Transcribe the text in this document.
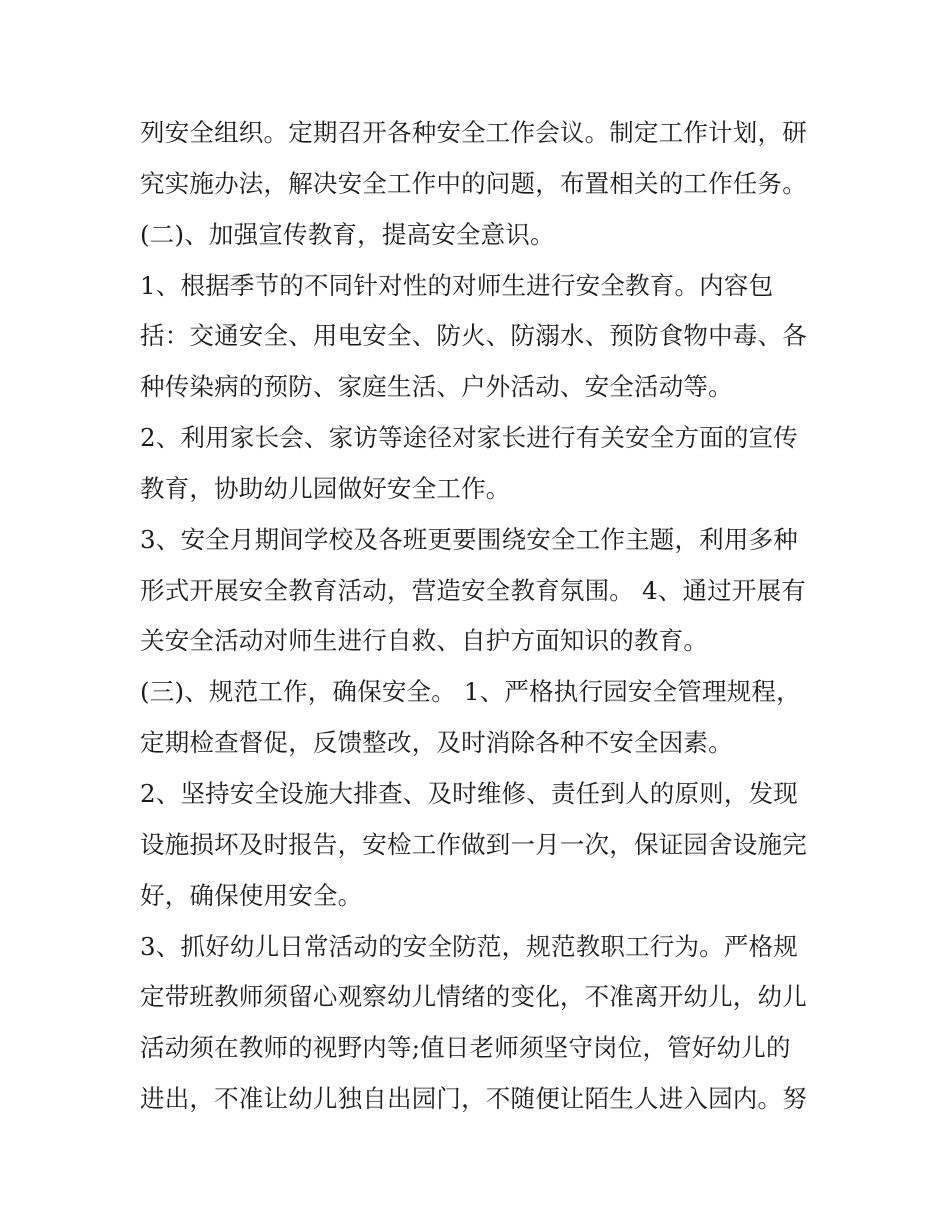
列安全组织。定期召开各种安全工作会议。制定工作计划，研
究实施办法，解决安全工作中的问题，布置相关的工作任务。
(二)、加强宣传教育，提高安全意识。
1、根据季节的不同针对性的对师生进行安全教育。内容包
括：交通安全、用电安全、防火、防溺水、预防食物中毒、各
种传染病的预防、家庭生活、户外活动、安全活动等。
2、利用家长会、家访等途径对家长进行有关安全方面的宣传
教育，协助幼儿园做好安全工作。
3、安全月期间学校及各班更要围绕安全工作主题，利用多种
形式开展安全教育活动，营造安全教育氛围。 4、通过开展有
关安全活动对师生进行自救、自护方面知识的教育。
(三)、规范工作，确保安全。 1、严格执行园安全管理规程，
定期检查督促，反馈整改，及时消除各种不安全因素。
2、坚持安全设施大排查、及时维修、责任到人的原则，发现
设施损坏及时报告，安检工作做到一月一次，保证园舍设施完
好，确保使用安全。
3、抓好幼儿日常活动的安全防范，规范教职工行为。严格规
定带班教师须留心观察幼儿情绪的变化，不准离开幼儿，幼儿
活动须在教师的视野内等;值日老师须坚守岗位，管好幼儿的
进出，不准让幼儿独自出园门，不随便让陌生人进入园内。努
